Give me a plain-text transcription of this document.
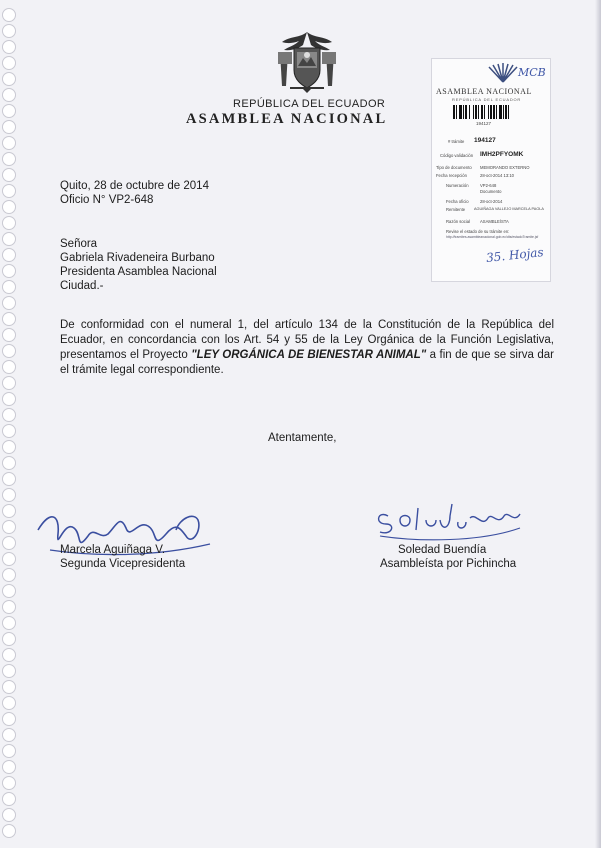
REPÚBLICA DEL ECUADOR
ASAMBLEA NACIONAL
ASAMBLEA NACIONAL
REPÚBLICA DEL ECUADOR
194127
# trámite 194127
Código validación IMH2PFYOMK
Tipo de documento MEMORANDO EXTERNO
Fecha recepción	28-oct-2014 13:10
Numeración	VP2-648
Documento
Fecha oficio	28-oct-2014
Remitente AGUIÑAGA VALLEJO MARCELA PAOLA
Razón social ASAMBLEÍSTA
Revise el estado de su trámite en:
http://tramites.asambleanacional.gob.ec/dts/estadoTramite.jsf
MCB
35. Hojas
Quito, 28 de octubre de 2014
Oficio N° VP2-648
Señora
Gabriela Rivadeneira Burbano
Presidenta Asamblea Nacional
Ciudad.-
De conformidad con el numeral 1, del artículo 134 de la Constitución de la República del Ecuador, en concordancia con los Art. 54 y 55 de la Ley Orgánica de la Función Legislativa, presentamos el Proyecto "LEY ORGÁNICA DE BIENESTAR ANIMAL" a fin de que se sirva dar el trámite legal correspondiente.
Atentamente,
Marcela Aguiñaga V.
Segunda Vicepresidenta
Soledad Buendía
Asambleísta por Pichincha
